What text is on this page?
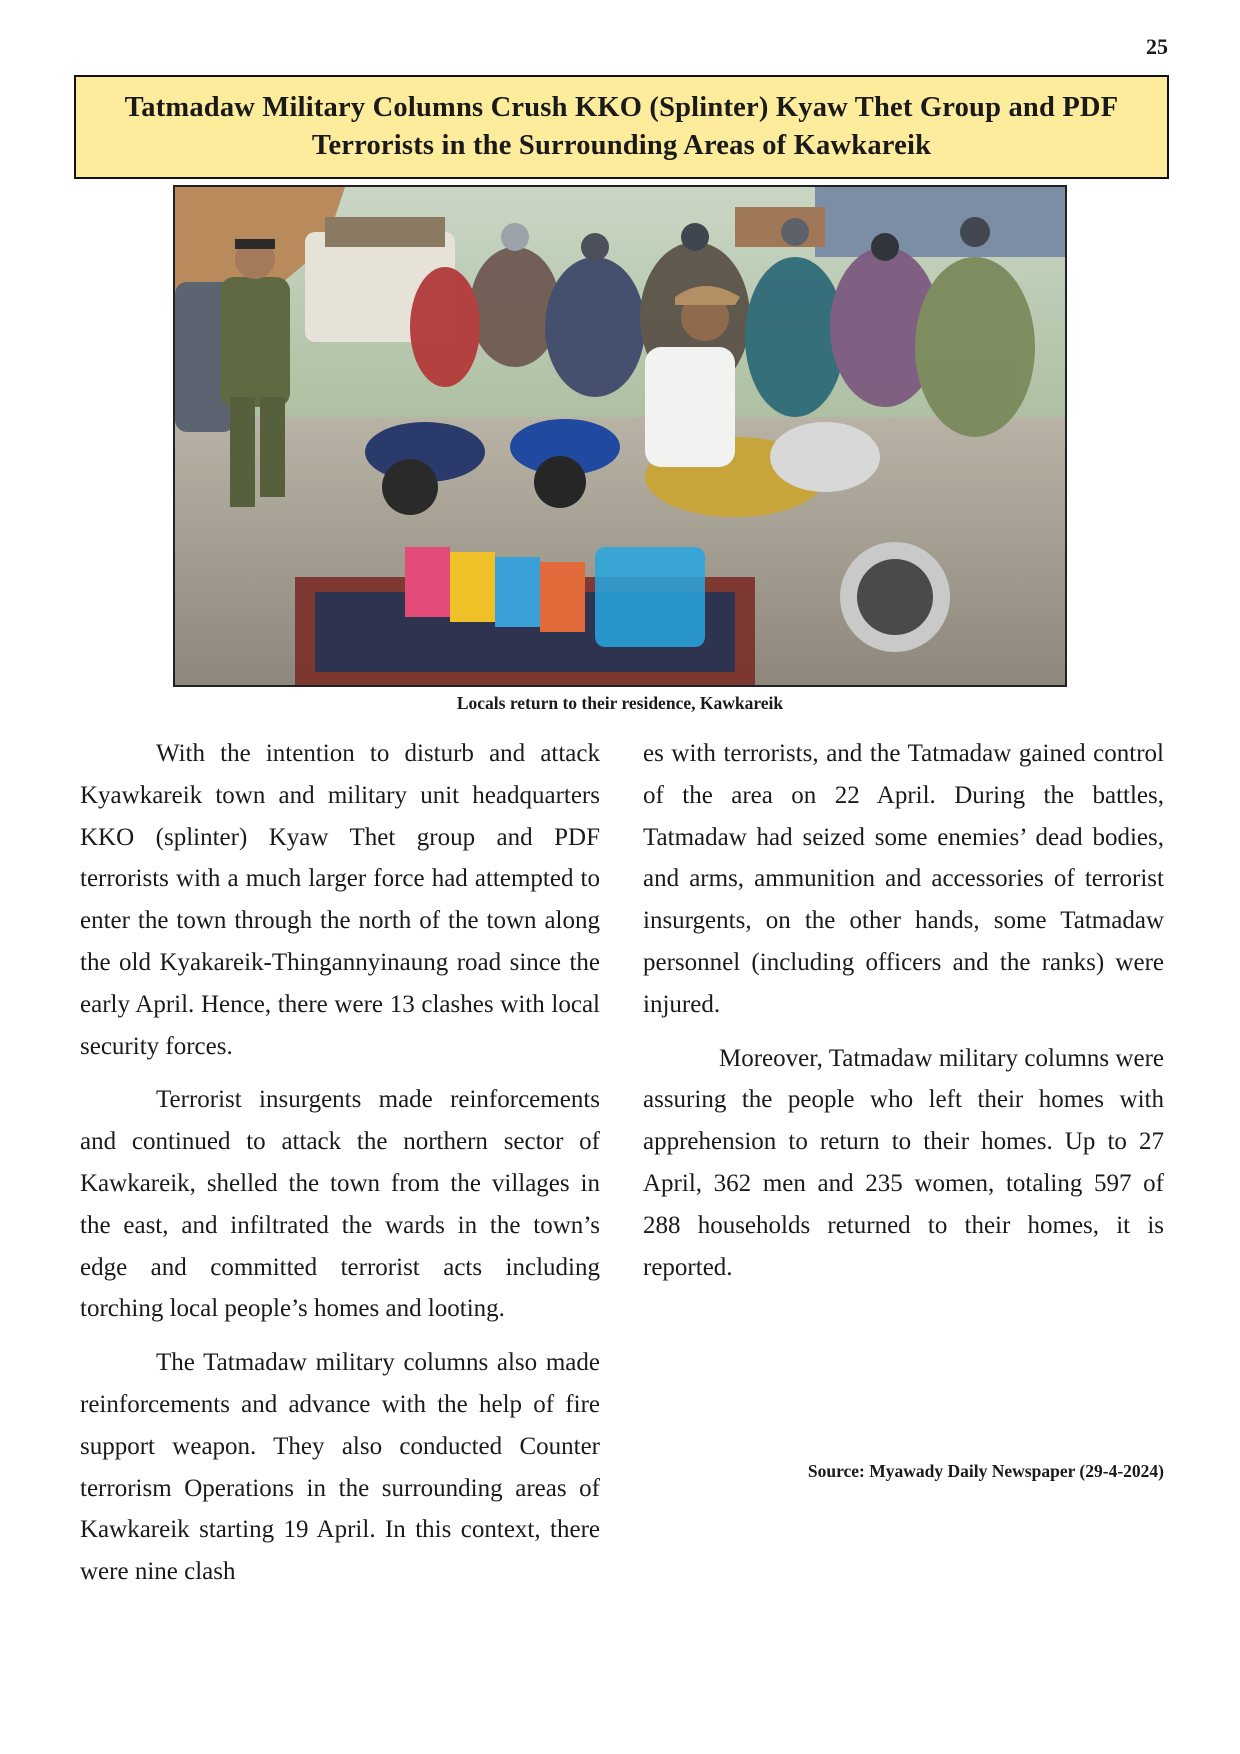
25
Tatmadaw Military Columns Crush KKO (Splinter) Kyaw Thet Group and PDF
Terrorists in the Surrounding Areas of Kawkareik
Locals return to their residence, Kawkareik

With the intention to disturb and attack Kyawkareik town and military unit headquarters KKO (splinter) Kyaw Thet group and PDF terrorists with a much larger force had attempted to enter the town through the north of the town along the old Kyakareik-Thingannyinaung road since the early April. Hence, there were 13 clashes with local security forces.

Terrorist insurgents made reinforcements and continued to attack the northern sector of Kawkareik, shelled the town from the villages in the east, and infiltrated the wards in the town’s edge and committed terrorist acts including torching local people’s homes and looting.

The Tatmadaw military columns also made reinforcements and advance with the help of fire support weapon. They also conducted Counter terrorism Operations in the surrounding areas of Kawkareik starting 19 April. In this context, there were nine clash

es with terrorists, and the Tatmadaw gained control of the area on 22 April. During the battles, Tatmadaw had seized some enemies’ dead bodies, and arms, ammunition and accessories of terrorist insurgents, on the other hands, some Tatmadaw personnel (including officers and the ranks) were injured.

Moreover, Tatmadaw military columns were assuring the people who left their homes with apprehension to return to their homes. Up to 27 April, 362 men and 235 women, totaling 597 of 288 households returned to their homes, it is reported.

Source: Myawady Daily Newspaper (29-4-2024)
